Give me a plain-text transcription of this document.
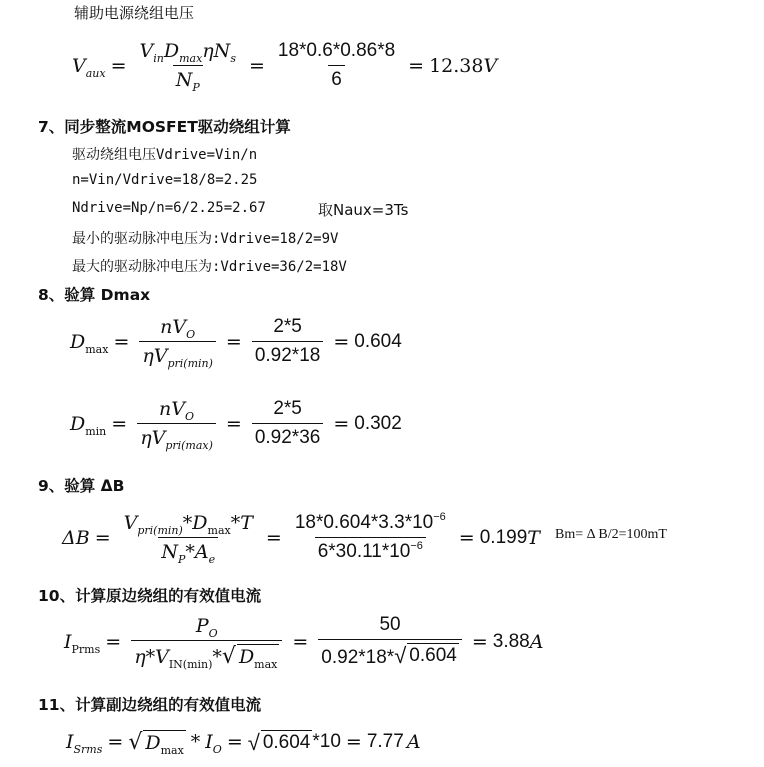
辅助电源绕组电压
$V_{aux} = \frac{V_{in}D_{max}\eta N_s}{N_P} = \frac{18*0.6*0.86*8}{6} = 12.38$ V
7、同步整流MOSFET驱动绕组计算
驱动绕组电压Vdrive=Vin/n
n=Vin/Vdrive=18/8=2.25
Ndrive=Np/n=6/2.25=2.67	取Naux=3Ts
最小的驱动脉冲电压为:Vdrive=18/2=9V
最大的驱动脉冲电压为:Vdrive=36/2=18V
8、验算 Dmax
$D_{max} = \frac{nV_O}{\eta V_{pri(min)}} = \frac{2*5}{0.92*18} = 0.604$
$D_{min} = \frac{nV_O}{\eta V_{pri(max)}} = \frac{2*5}{0.92*36} = 0.302$
9、验算 ΔB
$\Delta B = \frac{V_{pri(min)}*D_{max}*T}{N_P*A_e} = \frac{18*0.604*3.3*10^{-6}}{6*30.11*10^{-6}} = 0.199$ T Bm= Δ B/2=100mT
10、计算原边绕组的有效值电流
$I_{Prms} = \frac{P_O}{\eta*V_{IN(min)}* √ D_{max}} = \frac{50}{0.92*18* √ 0.604} = 3.88$ A
11、计算副边绕组的有效值电流
$I_{Srms}$ = √ $D_{max} * I_O$ = √ 0.604 *10 = 7.77 A
